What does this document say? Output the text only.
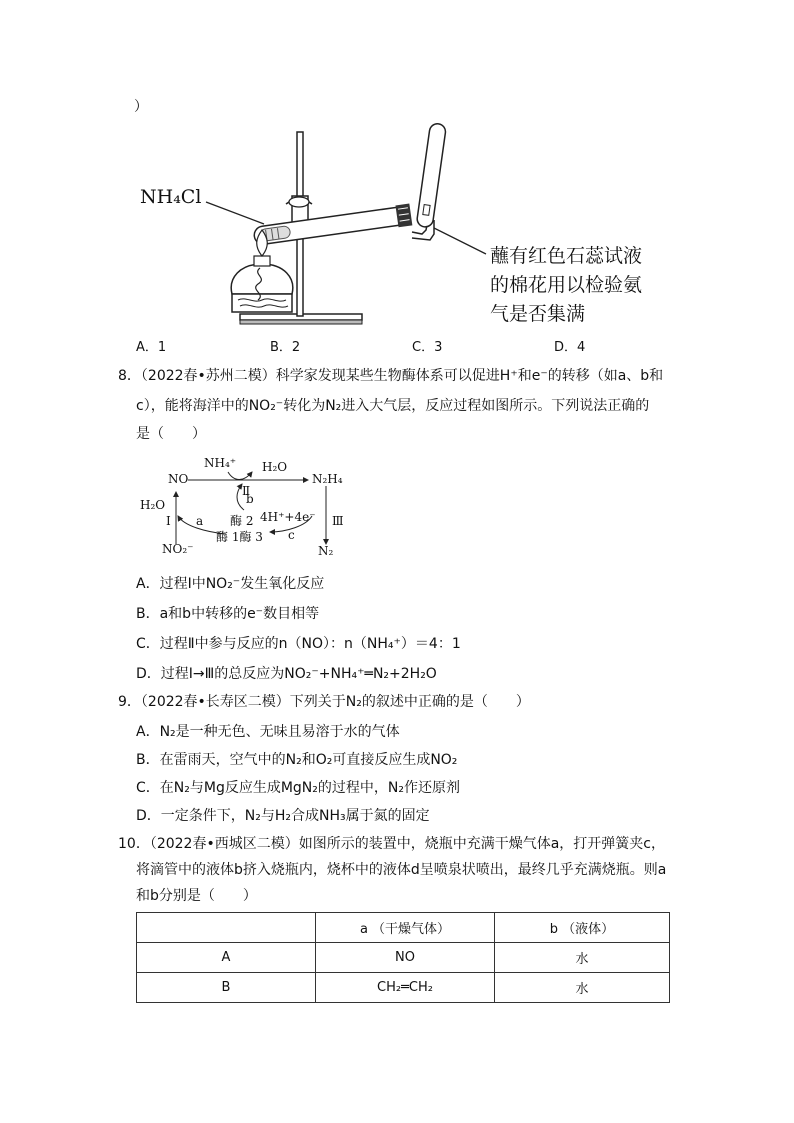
）
NH₄Cl
蘸有红色石蕊试液
的棉花用以检验氨
气是否集满
A．1	B．2	C．3	D．4
8．（2022春•苏州二模）科学家发现某些生物酶体系可以促进H⁺和e⁻的转移（如a、b和
c），能将海洋中的NO₂⁻转化为N₂进入大气层，反应过程如图所示。下列说法正确的
是（　　）
NO
NH₄⁺ H₂O
N₂H₄
Ⅱ
b
H₂O
Ⅰ a 酶 2 4H⁺+4e⁻ Ⅲ
酶 1酶 3 c
NO₂⁻	N₂
A．过程Ⅰ中NO₂⁻发生氧化反应
B．a和b中转移的e⁻数目相等
C．过程Ⅱ中参与反应的n（NO）：n（NH₄⁺）＝4：1
D．过程Ⅰ→Ⅲ的总反应为NO₂⁻+NH₄⁺═N₂+2H₂O
9．（2022春•长寿区二模）下列关于N₂的叙述中正确的是（　　）
A．N₂是一种无色、无味且易溶于水的气体
B．在雷雨天，空气中的N₂和O₂可直接反应生成NO₂
C．在N₂与Mg反应生成MgN₂的过程中，N₂作还原剂
D．一定条件下，N₂与H₂合成NH₃属于氮的固定
10．（2022春•西城区二模）如图所示的装置中，烧瓶中充满干燥气体a，打开弹簧夹c，
将滴管中的液体b挤入烧瓶内，烧杯中的液体d呈喷泉状喷出，最终几乎充满烧瓶。则a
和b分别是（　　）
	a （干燥气体）	b （液体）
A	NO	水
B	CH₂═CH₂	水
